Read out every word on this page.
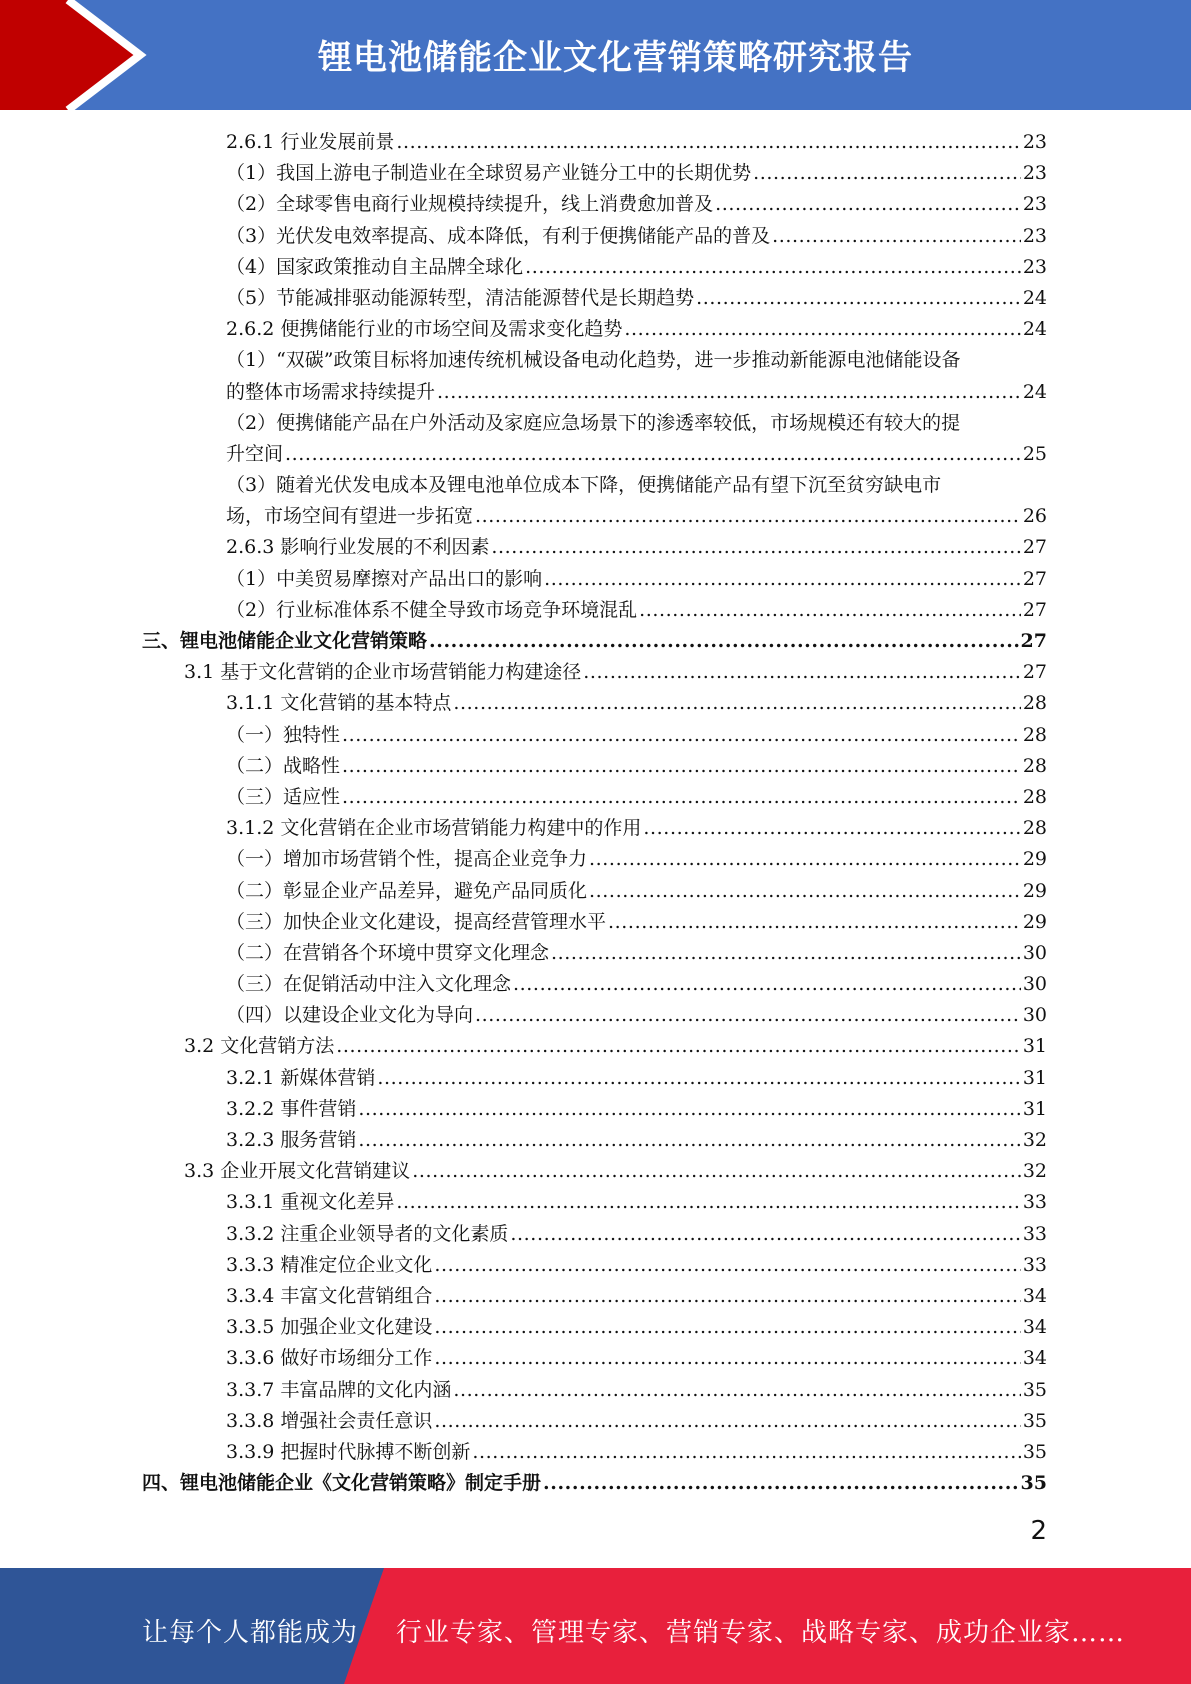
锂电池储能企业文化营销策略研究报告
2.6.1 行业发展前景 .....	23
（1）我国上游电子制造业在全球贸易产业链分工中的长期优势 .....	23
（2）全球零售电商行业规模持续提升，线上消费愈加普及 .....	23
（3）光伏发电效率提高、成本降低，有利于便携储能产品的普及 .....	23
（4）国家政策推动自主品牌全球化 .....	23
（5）节能减排驱动能源转型，清洁能源替代是长期趋势 .....	24
2.6.2 便携储能行业的市场空间及需求变化趋势 .....	24
（1）“双碳”政策目标将加速传统机械设备电动化趋势，进一步推动新能源电池储能设备
的整体市场需求持续提升 .....	24
（2）便携储能产品在户外活动及家庭应急场景下的渗透率较低，市场规模还有较大的提
升空间 .....	25
（3）随着光伏发电成本及锂电池单位成本下降，便携储能产品有望下沉至贫穷缺电市
场，市场空间有望进一步拓宽 .....	26
2.6.3 影响行业发展的不利因素 .....	27
（1）中美贸易摩擦对产品出口的影响 .....	27
（2）行业标准体系不健全导致市场竞争环境混乱 .....	27
三、锂电池储能企业文化营销策略 .....	27
3.1 基于文化营销的企业市场营销能力构建途径 .....	27
3.1.1 文化营销的基本特点 .....	28
（一）独特性 .....	28
（二）战略性 .....	28
（三）适应性 .....	28
3.1.2 文化营销在企业市场营销能力构建中的作用 .....	28
（一）增加市场营销个性，提高企业竞争力 .....	29
（二）彰显企业产品差异，避免产品同质化 .....	29
（三）加快企业文化建设，提高经营管理水平 .....	29
（二）在营销各个环境中贯穿文化理念 .....	30
（三）在促销活动中注入文化理念 .....	30
（四）以建设企业文化为导向 .....	30
3.2 文化营销方法 .....	31
3.2.1 新媒体营销 .....	31
3.2.2 事件营销 .....	31
3.2.3 服务营销 .....	32
3.3 企业开展文化营销建议 .....	32
3.3.1 重视文化差异 .....	33
3.3.2 注重企业领导者的文化素质 .....	33
3.3.3 精准定位企业文化 .....	33
3.3.4 丰富文化营销组合 .....	34
3.3.5 加强企业文化建设 .....	34
3.3.6 做好市场细分工作 .....	34
3.3.7 丰富品牌的文化内涵 .....	35
3.3.8 增强社会责任意识 .....	35
3.3.9 把握时代脉搏不断创新 .....	35
四、锂电池储能企业《文化营销策略》制定手册 .....	35
2
让每个人都能成为 行业专家、管理专家、营销专家、战略专家、成功企业家……
